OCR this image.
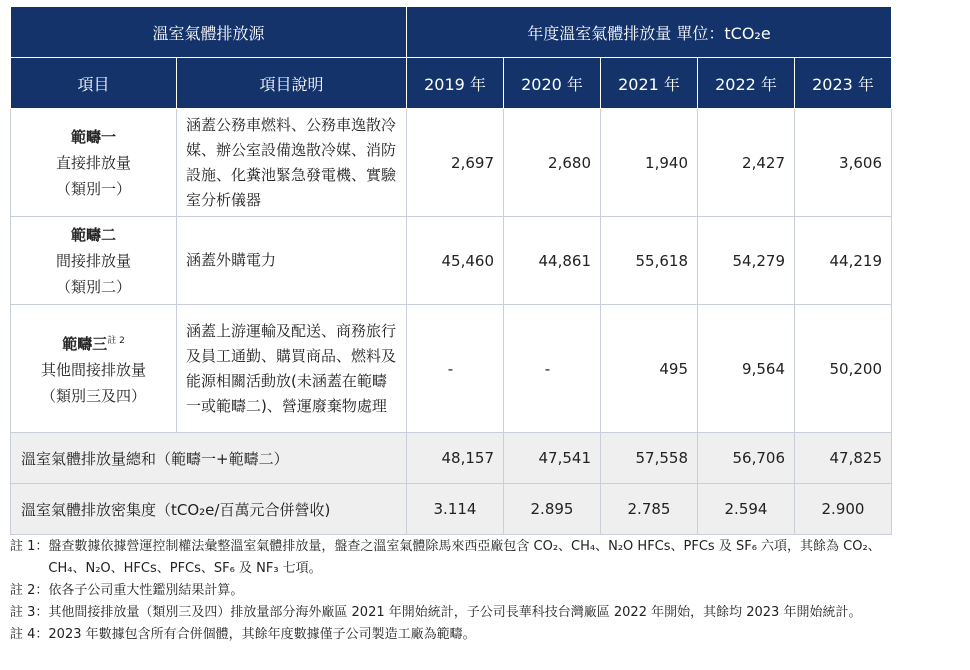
溫室氣體排放源		年度溫室氣體排放量 單位：tCO₂e				
項目	項目說明	2019 年	2020 年	2021 年	2022 年	2023 年

範疇一
直接排放量
（類別一）	涵蓋公務車燃料、公務車逸散冷媒、辦公室設備逸散冷媒、消防設施、化糞池緊急發電機、實驗室分析儀器	2,697	2,680	1,940	2,427	3,606

範疇二
間接排放量
（類別二）	涵蓋外購電力	45,460	44,861	55,618	54,279	44,219

範疇三$^{註 2}$
其他間接排放量
（類別三及四）	涵蓋上游運輸及配送、商務旅行及員工通勤、購買商品、燃料及能源相關活動放(未涵蓋在範疇一或範疇二)、營運廢棄物處理	-	-	495	9,564	50,200
溫室氣體排放量總和（範疇一+範疇二）		48,157	47,541	57,558	56,706	47,825
溫室氣體排放密集度（tCO₂e/百萬元合併營收)		3.114	2.895	2.785	2.594	2.900
註 1： 盤查數據依據營運控制權法彙整溫室氣體排放量，盤查之溫室氣體除馬來西亞廠包含 CO₂、CH₄、N₂O HFCs、PFCs 及 SF₆ 六項，其餘為 CO₂、CH₄、N₂O、HFCs、PFCs、SF₆ 及 NF₃ 七項。
註 2： 依各子公司重大性鑑別結果計算。
註 3： 其他間接排放量（類別三及四）排放量部分海外廠區 2021 年開始統計，子公司長華科技台灣廠區 2022 年開始，其餘均 2023 年開始統計。
註 4： 2023 年數據包含所有合併個體，其餘年度數據僅子公司製造工廠為範疇。
